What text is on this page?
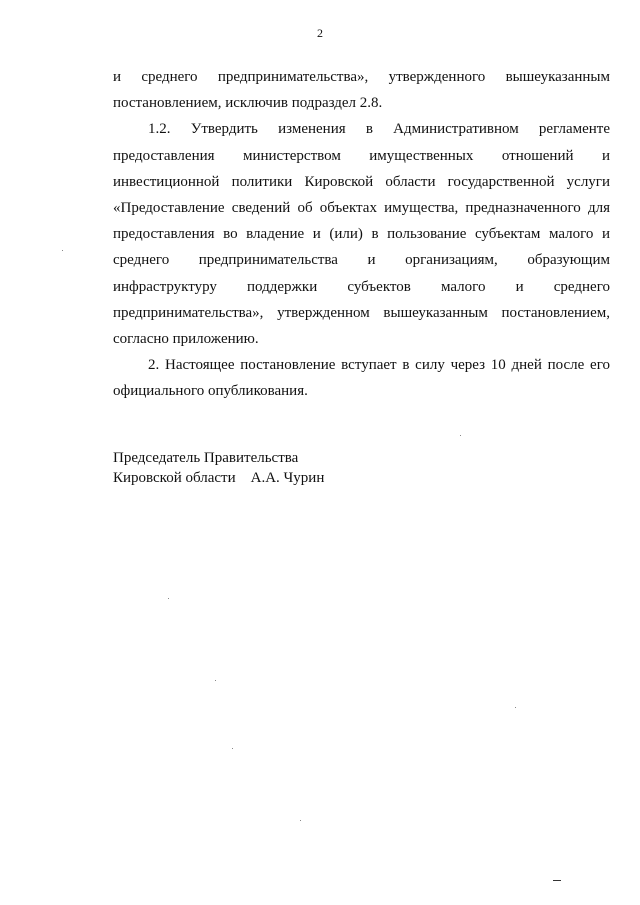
2

и среднего предпринимательства», утвержденного вышеуказанным постановлением, исключив подраздел 2.8.

1.2. Утвердить изменения в Административном регламенте предоставления министерством имущественных отношений и инвестиционной политики Кировской области государственной услуги «Предоставление сведений об объектах имущества, предназначенного для предоставления во владение и (или) в пользование субъектам малого и среднего предпринимательства и организациям, образующим инфраструктуру поддержки субъектов малого и среднего предпринимательства», утвержденном вышеуказанным постановлением, согласно приложению.

2. Настоящее постановление вступает в силу через 10 дней после его официального опубликования.

Председатель Правительства
Кировской области    А.А. Чурин
